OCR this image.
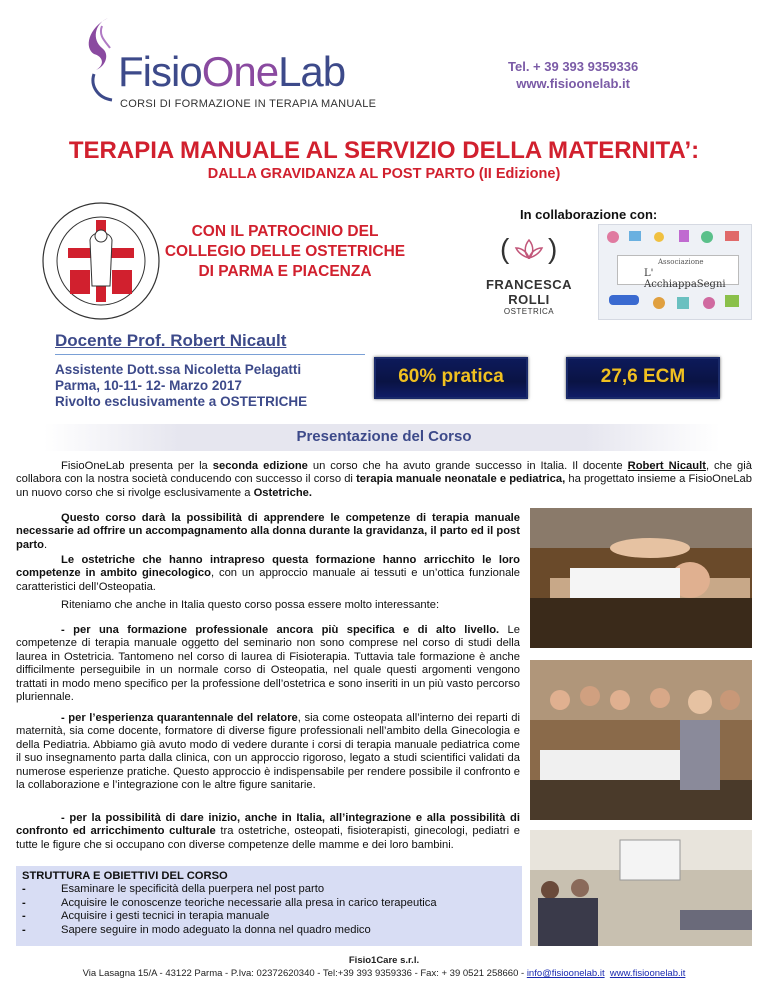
FisioOneLab
CORSI DI FORMAZIONE IN TERAPIA MANUALE
Tel. + 39 393 9359336
www.fisioonelab.it
TERAPIA MANUALE AL SERVIZIO DELLA MATERNITA’:
DALLA GRAVIDANZA AL POST PARTO (II Edizione)
In collaborazione con:
CON IL PATROCINIO DEL
COLLEGIO DELLE OSTETRICHE
DI PARMA E PIACENZA
( )
FRANCESCA ROLLI
OSTETRICA
Associazione
L' AcchiappaSegni
Docente Prof. Robert Nicault
Assistente Dott.ssa Nicoletta Pelagatti
Parma, 10-11- 12- Marzo 2017
Rivolto esclusivamente a OSTETRICHE
60% pratica	27,6 ECM
Presentazione del Corso
FisioOneLab presenta per la seconda edizione un corso che ha avuto grande successo in Italia. Il docente Robert Nicault, che già collabora con la nostra società conducendo con successo il corso di terapia manuale neonatale e pediatrica, ha progettato insieme a FisioOneLab un nuovo corso che si rivolge esclusivamente a Ostetriche.
Questo corso darà la possibilità di apprendere le competenze di terapia manuale necessarie ad offrire un accompagnamento alla donna durante la gravidanza, il parto ed il post parto.
Le ostetriche che hanno intrapreso questa formazione hanno arricchito le loro competenze in ambito ginecologico, con un approccio manuale ai tessuti e un’ottica funzionale caratteristici dell’Osteopatia.
Riteniamo che anche in Italia questo corso possa essere molto interessante:
- per una formazione professionale ancora più specifica e di alto livello. Le competenze di terapia manuale oggetto del seminario non sono comprese nel corso di studi della laurea in Ostetricia. Tantomeno nel corso di laurea di Fisioterapia. Tuttavia tale formazione è anche difficilmente perseguibile in un normale corso di Osteopatia, nel quale questi argomenti vengono trattati in modo meno specifico per la professione dell’ostetrica e sono inseriti in un più vasto percorso pluriennale.
- per l’esperienza quarantennale del relatore, sia come osteopata all’interno dei reparti di maternità, sia come docente, formatore di diverse figure professionali nell’ambito della Ginecologia e della Pediatria. Abbiamo già avuto modo di vedere durante i corsi di terapia manuale pediatrica come il suo insegnamento parta dalla clinica, con un approccio rigoroso, legato a studi scientifici validati da numerose esperienze pratiche. Questo approccio è indispensabile per rendere possibile il confronto e la collaborazione e l’integrazione con le altre figure sanitarie.
- per la possibilità di dare inizio, anche in Italia, all’integrazione e alla possibilità di confronto ed arricchimento culturale tra ostetriche, osteopati, fisioterapisti, ginecologi, pediatri e tutte le figure che si occupano con diverse competenze delle mamme e dei loro bambini.
STRUTTURA E OBIETTIVI DEL CORSO
- Esaminare le specificità della puerpera nel post parto
- Acquisire le conoscenze teoriche necessarie alla presa in carico terapeutica
- Acquisire i gesti tecnici in terapia manuale
- Sapere seguire in modo adeguato la donna nel quadro medico
Fisio1Care s.r.l.
Via Lasagna 15/A - 43122 Parma - P.Iva: 02372620340 - Tel:+39 393 9359336 - Fax: + 39 0521 258660 - info@fisioonelab.it www.fisioonelab.it
